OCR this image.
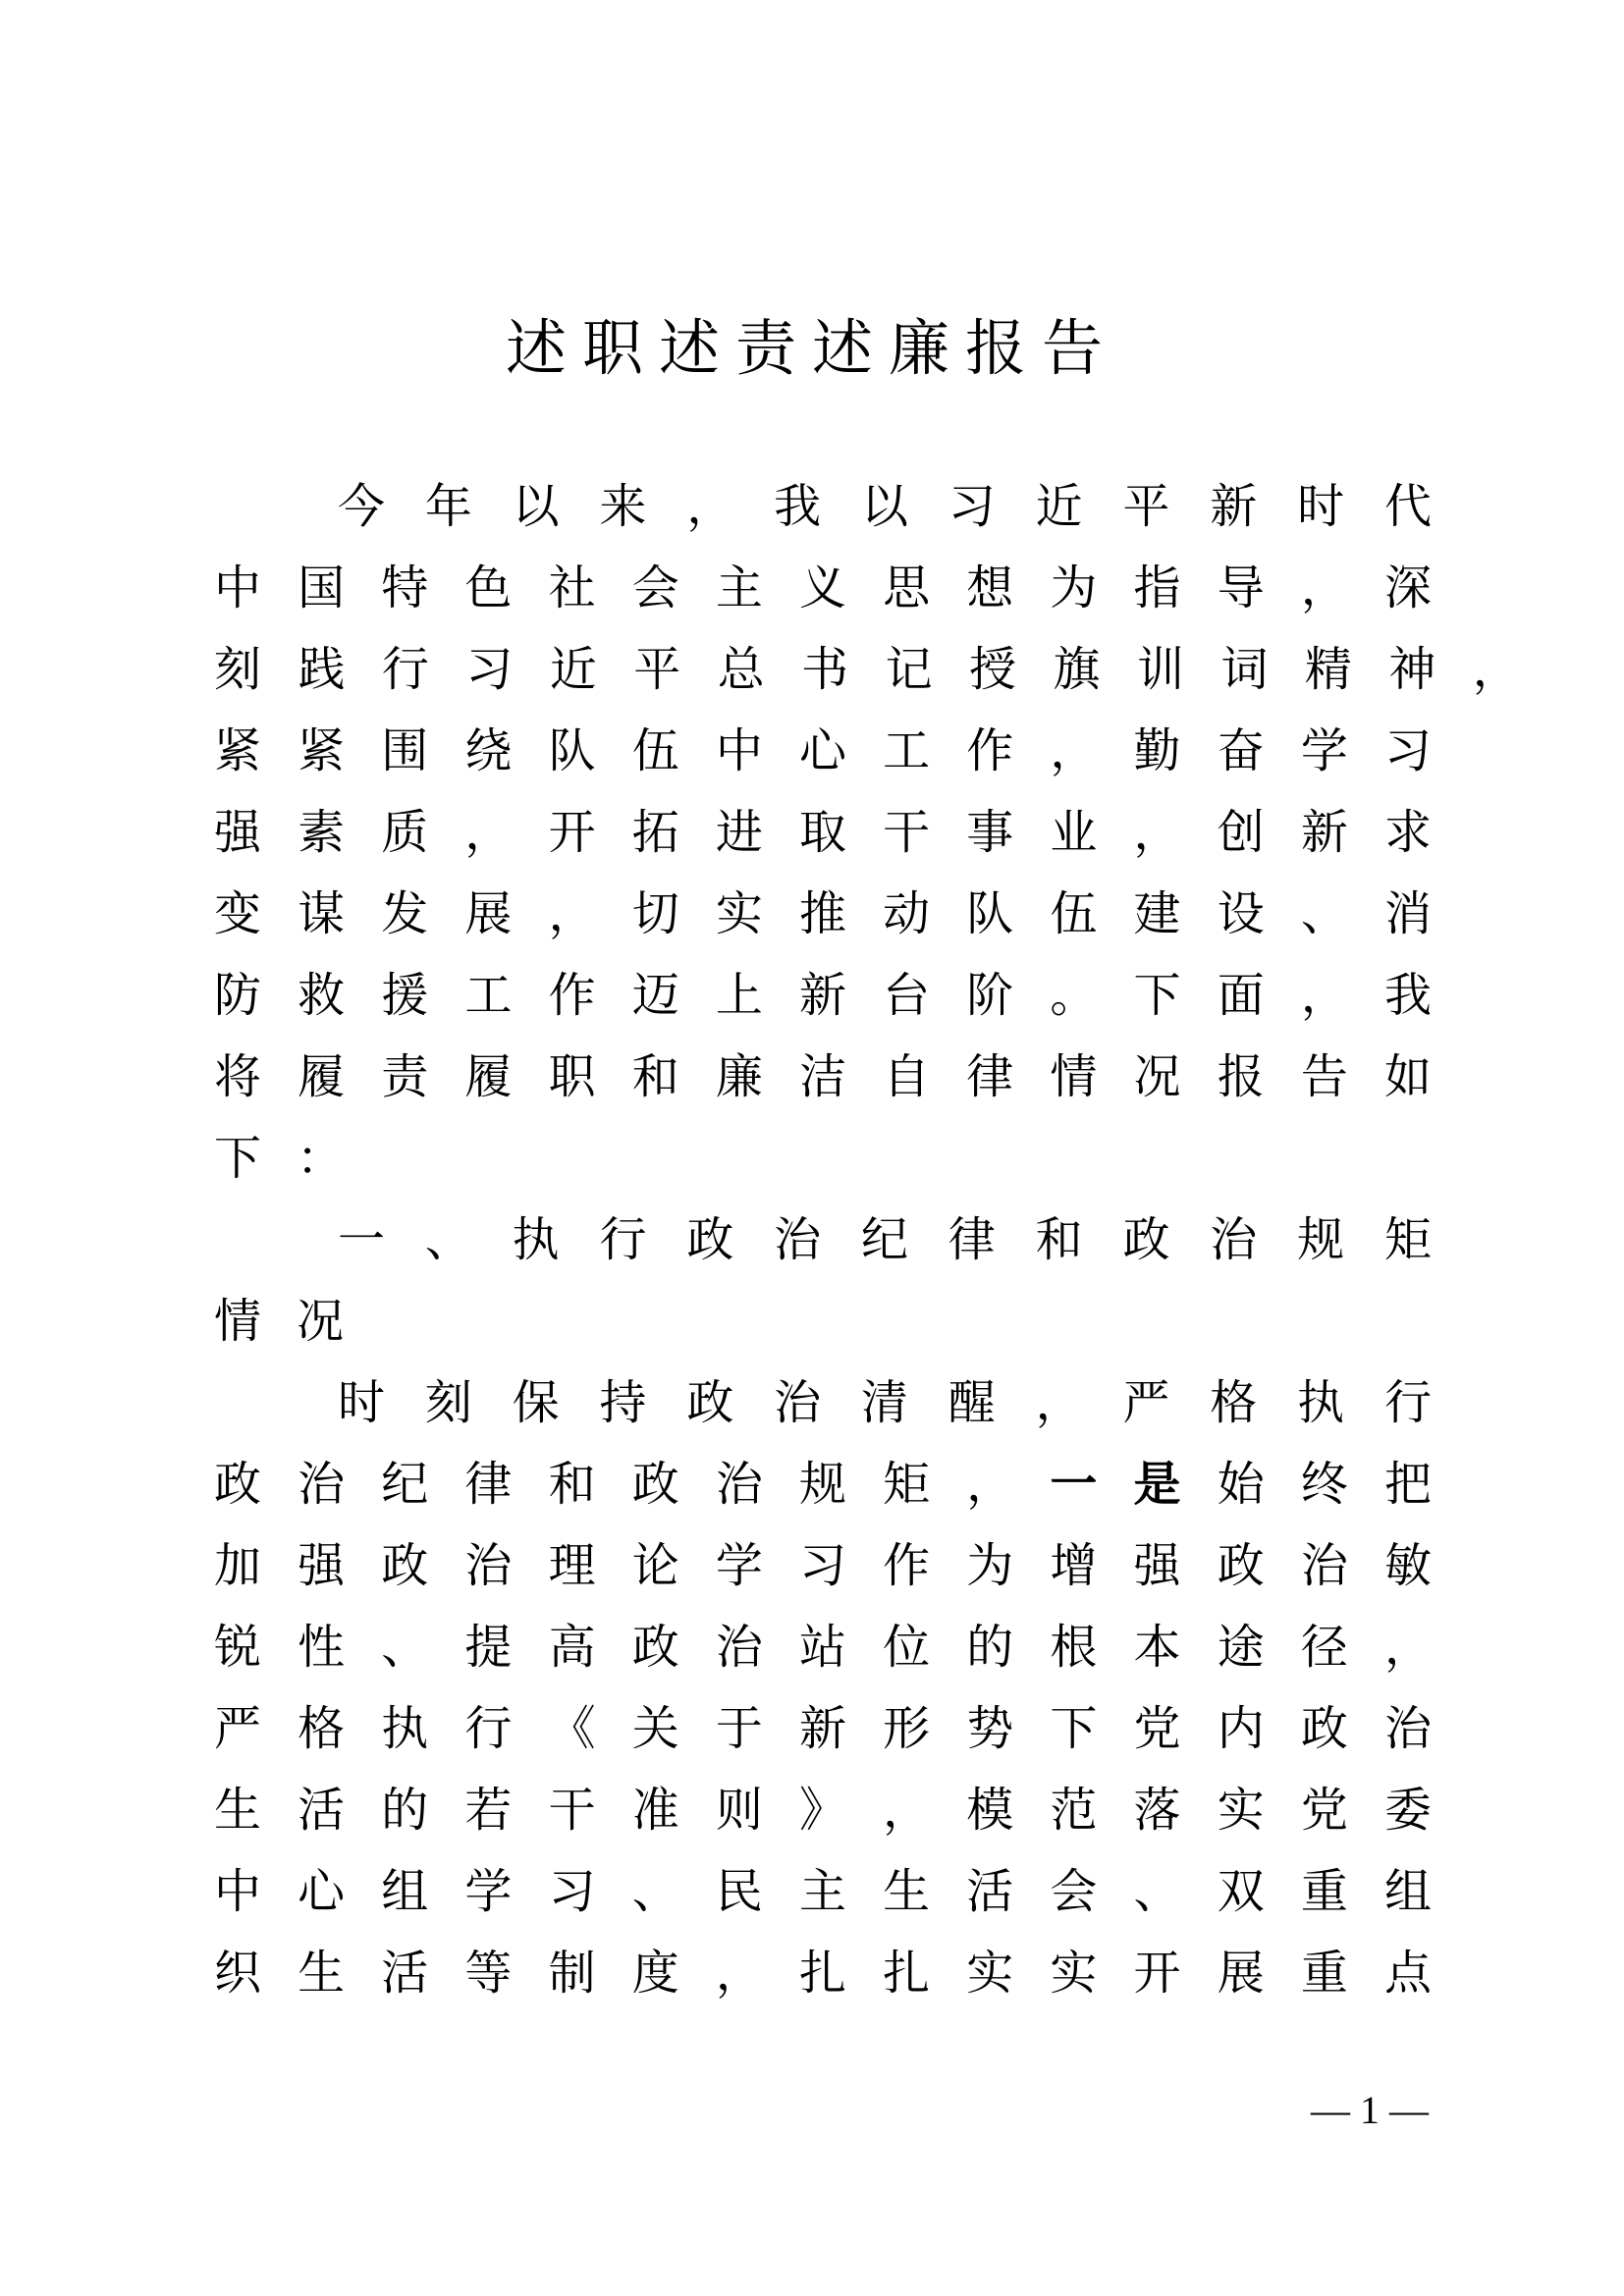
述职述责述廉报告
今 年 以 来 ， 我 以 习 近 平 新 时 代
中 国 特 色 社 会 主 义 思 想 为 指 导 ， 深
刻 践 行 习 近 平 总 书 记 授 旗 训 词 精 神 ，
紧 紧 围 绕 队 伍 中 心 工 作 ， 勤 奋 学 习
强 素 质 ， 开 拓 进 取 干 事 业 ， 创 新 求
变 谋 发 展 ， 切 实 推 动 队 伍 建 设 、 消
防 救 援 工 作 迈 上 新 台 阶 。 下 面 ， 我
将 履 责 履 职 和 廉 洁 自 律 情 况 报 告 如
下 ：
一 、 执 行 政 治 纪 律 和 政 治 规 矩
情 况
时 刻 保 持 政 治 清 醒 ， 严 格 执 行
政 治 纪 律 和 政 治 规 矩 ， 一 是 始 终 把
加 强 政 治 理 论 学 习 作 为 增 强 政 治 敏
锐 性 、 提 高 政 治 站 位 的 根 本 途 径 ，
严 格 执 行 《 关 于 新 形 势 下 党 内 政 治
生 活 的 若 干 准 则 》 ， 模 范 落 实 党 委
中 心 组 学 习 、 民 主 生 活 会 、 双 重 组
织 生 活 等 制 度 ， 扎 扎 实 实 开 展 重 点
— 1 —
